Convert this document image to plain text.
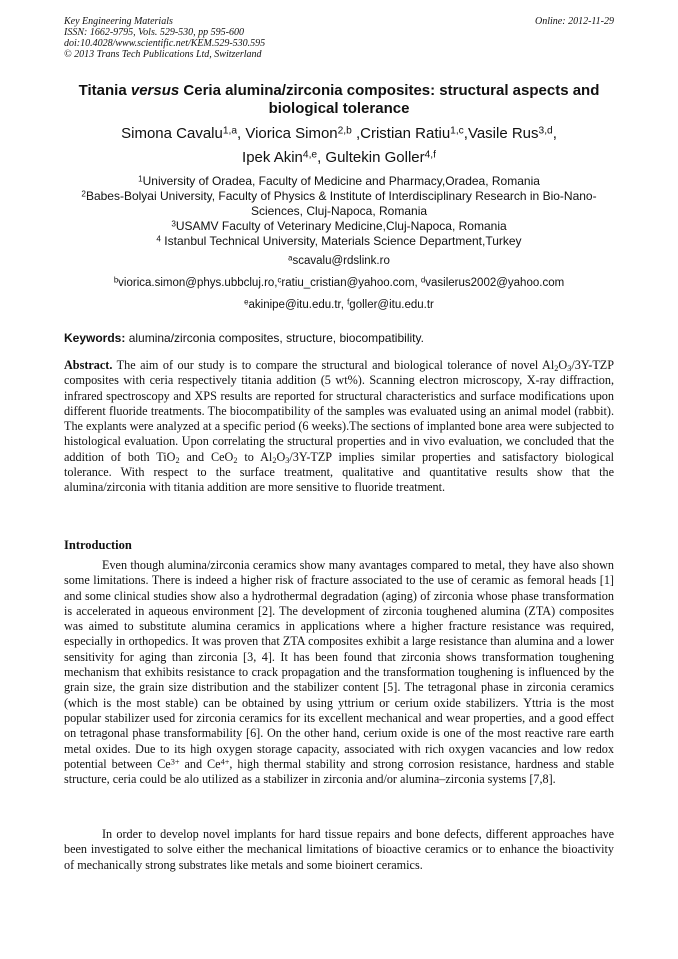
Key Engineering Materials
ISSN: 1662-9795, Vols. 529-530, pp 595-600
doi:10.4028/www.scientific.net/KEM.529-530.595
© 2013 Trans Tech Publications Ltd, Switzerland
Online: 2012-11-29
Titania versus Ceria alumina/zirconia composites: structural aspects and biological tolerance
Simona Cavalu$^{1,a}$, Viorica Simon$^{2,b}$ ,Cristian Ratiu$^{1,c}$,Vasile Rus$^{3,d}$,
Ipek Akin$^{4,e}$, Gultekin Goller$^{4,f}$
$^1$University of Oradea, Faculty of Medicine and Pharmacy,Oradea, Romania
$^2$Babes-Bolyai University, Faculty of Physics & Institute of Interdisciplinary Research in Bio-Nano-Sciences, Cluj-Napoca, Romania
$^3$USAMV Faculty of Veterinary Medicine,Cluj-Napoca, Romania
$^4$ Istanbul Technical University, Materials Science Department,Turkey
$^a$scavalu@rdslink.ro
$^b$viorica.simon@phys.ubbcluj.ro,$^c$ratiu_cristian@yahoo.com, $^d$vasilerus2002@yahoo.com
$^e$akinipe@itu.edu.tr, $^f$goller@itu.edu.tr
Keywords: alumina/zirconia composites, structure, biocompatibility.

Abstract. The aim of our study is to compare the structural and biological tolerance of novel $Al_2O_3/3Y$-TZP composites with ceria respectively titania addition (5 wt%). Scanning electron microscopy, X-ray diffraction, infrared spectroscopy and XPS results are reported for structural characteristics and surface modifications upon different fluoride treatments. The biocompatibility of the samples was evaluated using an animal model (rabbit). The explants were analyzed at a specific period (6 weeks).The sections of implanted bone area were subjected to histological evaluation. Upon correlating the structural properties and in vivo evaluation, we concluded that the addition of both TiO$_2$ and CeO$_2$ to $Al_2O_3/3Y$-TZP implies similar properties and satisfactory biological tolerance. With respect to the surface treatment, qualitative and quantitative results show that the alumina/zirconia with titania addition are more sensitive to fluoride treatment.

Introduction

Even though alumina/zirconia ceramics show many avantages compared to metal, they have also shown some limitations. There is indeed a higher risk of fracture associated to the use of ceramic as femoral heads [1] and some clinical studies show also a hydrothermal degradation (aging) of zirconia whose phase transformation is accelerated in aqueous environment [2]. The development of zirconia toughened alumina (ZTA) composites was aimed to substitute alumina ceramics in applications where a higher fracture resistance was required, especially in orthopedics. It was proven that ZTA composites exhibit a large resistance than alumina and a lower sensitivity for aging than zirconia [3, 4]. It has been found that zirconia shows transformation toughening mechanism that exhibits resistance to crack propagation and the transformation toughening is influenced by the grain size, the grain size distribution and the stabilizer content [5]. The tetragonal phase in zirconia ceramics (which is the most stable) can be obtained by using yttrium or cerium oxide stabilizers. Yttria is the most popular stabilizer used for zirconia ceramics for its excellent mechanical and wear properties, and a good effect on tetragonal phase transformability [6]. On the other hand, cerium oxide is one of the most reactive rare earth metal oxides. Due to its high oxygen storage capacity, associated with rich oxygen vacancies and low redox potential between $Ce^{3+}$ and $Ce^{4+}$, high thermal stability and strong corrosion resistance, hardness and stable structure, ceria could be alo utilized as a stabilizer in zirconia and/or alumina–zirconia systems [7,8].

In order to develop novel implants for hard tissue repairs and bone defects, different approaches have been investigated to solve either the mechanical limitations of bioactive ceramics or to enhance the bioactivity of mechanically strong substrates like metals and some bioinert ceramics.
